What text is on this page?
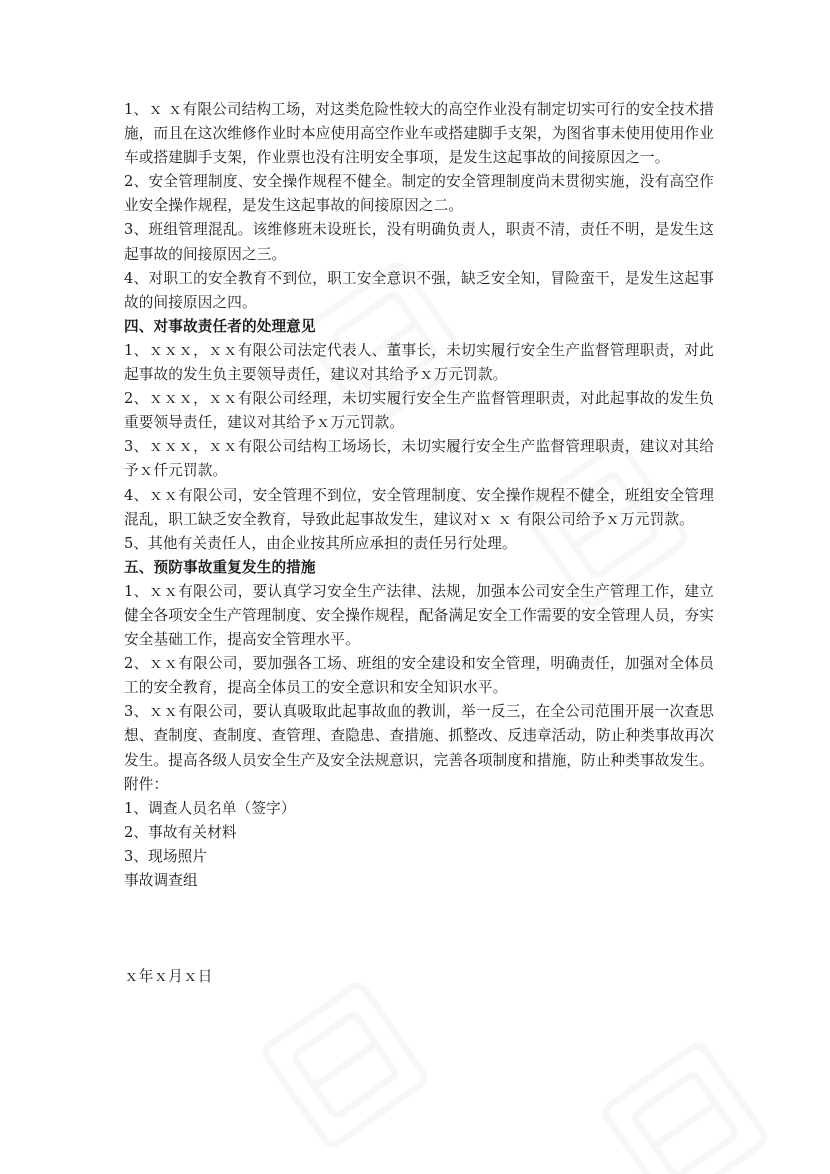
1、ｘ ｘ有限公司结构工场，对这类危险性较大的高空作业没有制定切实可行的安全技术措施，而且在这次维修作业时本应使用高空作业车或搭建脚手支架，为图省事未使用使用作业车或搭建脚手支架，作业票也没有注明安全事项，是发生这起事故的间接原因之一。

2、安全管理制度、安全操作规程不健全。制定的安全管理制度尚未贯彻实施，没有高空作业安全操作规程，是发生这起事故的间接原因之二。

3、班组管理混乱。该维修班未设班长，没有明确负责人，职责不清，责任不明，是发生这起事故的间接原因之三。

4、对职工的安全教育不到位，职工安全意识不强，缺乏安全知，冒险蛮干，是发生这起事故的间接原因之四。

四、对事故责任者的处理意见

1、ｘｘｘ，ｘｘ有限公司法定代表人、董事长，未切实履行安全生产监督管理职责，对此起事故的发生负主要领导责任，建议对其给予ｘ万元罚款。

2、ｘｘｘ，ｘｘ有限公司经理，未切实履行安全生产监督管理职责，对此起事故的发生负重要领导责任，建议对其给予ｘ万元罚款。

3、ｘｘｘ，ｘｘ有限公司结构工场场长，未切实履行安全生产监督管理职责，建议对其给予ｘ仟元罚款。

4、ｘｘ有限公司，安全管理不到位，安全管理制度、安全操作规程不健全，班组安全管理混乱，职工缺乏安全教育，导致此起事故发生，建议对ｘ ｘ 有限公司给予ｘ万元罚款。

5、其他有关责任人，由企业按其所应承担的责任另行处理。

五、预防事故重复发生的措施

1、ｘｘ有限公司，要认真学习安全生产法律、法规，加强本公司安全生产管理工作，建立健全各项安全生产管理制度、安全操作规程，配备满足安全工作需要的安全管理人员，夯实安全基础工作，提高安全管理水平。

2、ｘｘ有限公司，要加强各工场、班组的安全建设和安全管理，明确责任，加强对全体员工的安全教育，提高全体员工的安全意识和安全知识水平。

3、ｘｘ有限公司，要认真吸取此起事故血的教训，举一反三，在全公司范围开展一次查思想、查制度、查制度、查管理、查隐患、查措施、抓整改、反违章活动，防止种类事故再次发生。提高各级人员安全生产及安全法规意识，完善各项制度和措施，防止种类事故发生。

附件：

1、调查人员名单（签字）

2、事故有关材料

3、现场照片

事故调查组

ｘ年ｘ月ｘ日
